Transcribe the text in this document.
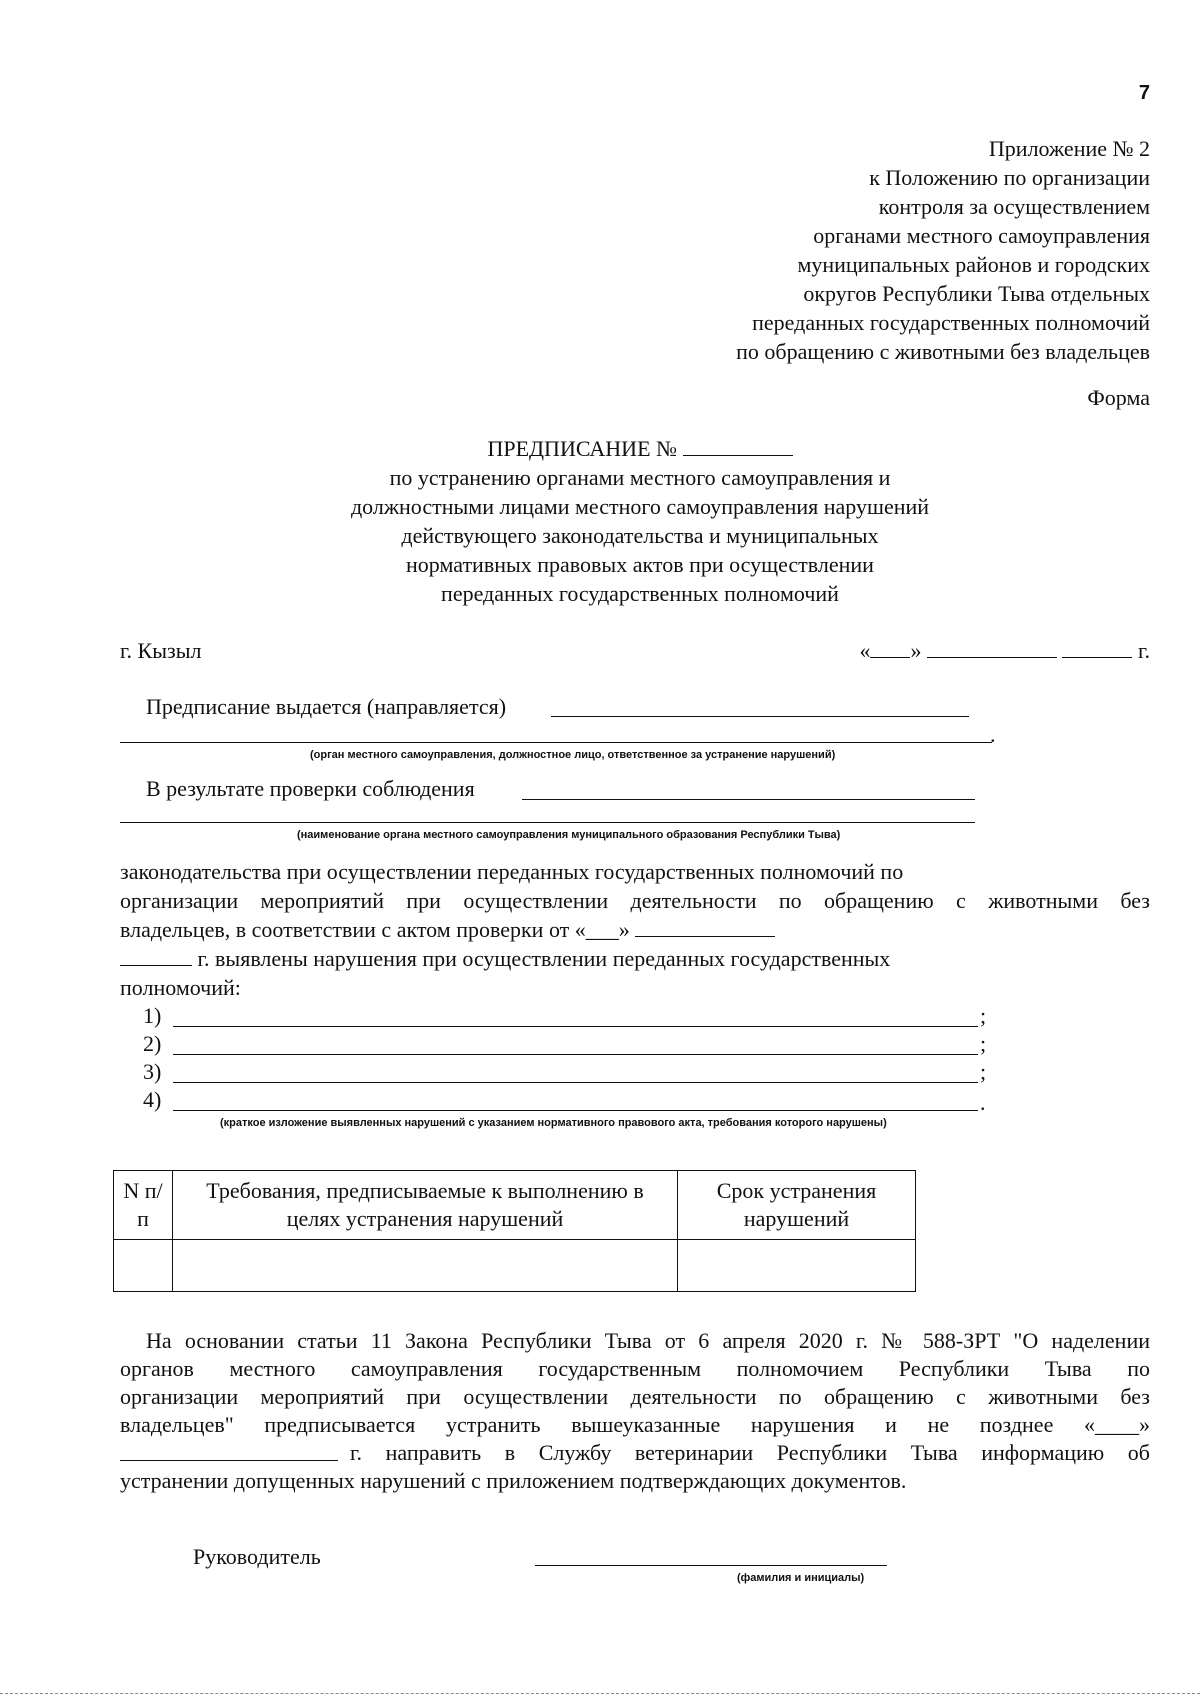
7
Приложение № 2
к Положению по организации
контроля за осуществлением
органами местного самоуправления
муниципальных районов и городских
округов Республики Тыва отдельных
переданных государственных полномочий
по обращению с животными без владельцев
Форма
ПРЕДПИСАНИЕ №
по устранению органами местного самоуправления и
должностными лицами местного самоуправления нарушений
действующего законодательства и муниципальных
нормативных правовых актов при осуществлении
переданных государственных полномочий
г. Кызыл	« »	г.
Предписание выдается (направляется)
.
(орган местного самоуправления, должностное лицо, ответственное за устранение нарушений)
В результате проверки соблюдения
(наименование органа местного самоуправления муниципального образования Республики Тыва)
законодательства при осуществлении переданных государственных полномочий по
организации мероприятий при осуществлении деятельности по обращению с животными без
владельцев, в соответствии с актом проверки от «___»
г. выявлены нарушения при осуществлении переданных государственных
полномочий:
1)	;
2)	;
3)	;
4)	.
(краткое изложение выявленных нарушений с указанием нормативного правового акта, требования которого нарушены)
N п/п	Требования, предписываемые к выполнению в целях устранения нарушений	Срок устранения нарушений

На основании статьи 11 Закона Республики Тыва от 6 апреля 2020 г. № 588-ЗРТ "О наделении
органов местного самоуправления государственным полномочием Республики Тыва по
организации мероприятий при осуществлении деятельности по обращению с животными без
владельцев" предписывается устранить вышеуказанные нарушения и не позднее «____»
г. направить в Службу ветеринарии Республики Тыва информацию об
устранении допущенных нарушений с приложением подтверждающих документов.
Руководитель
(фамилия и инициалы)
